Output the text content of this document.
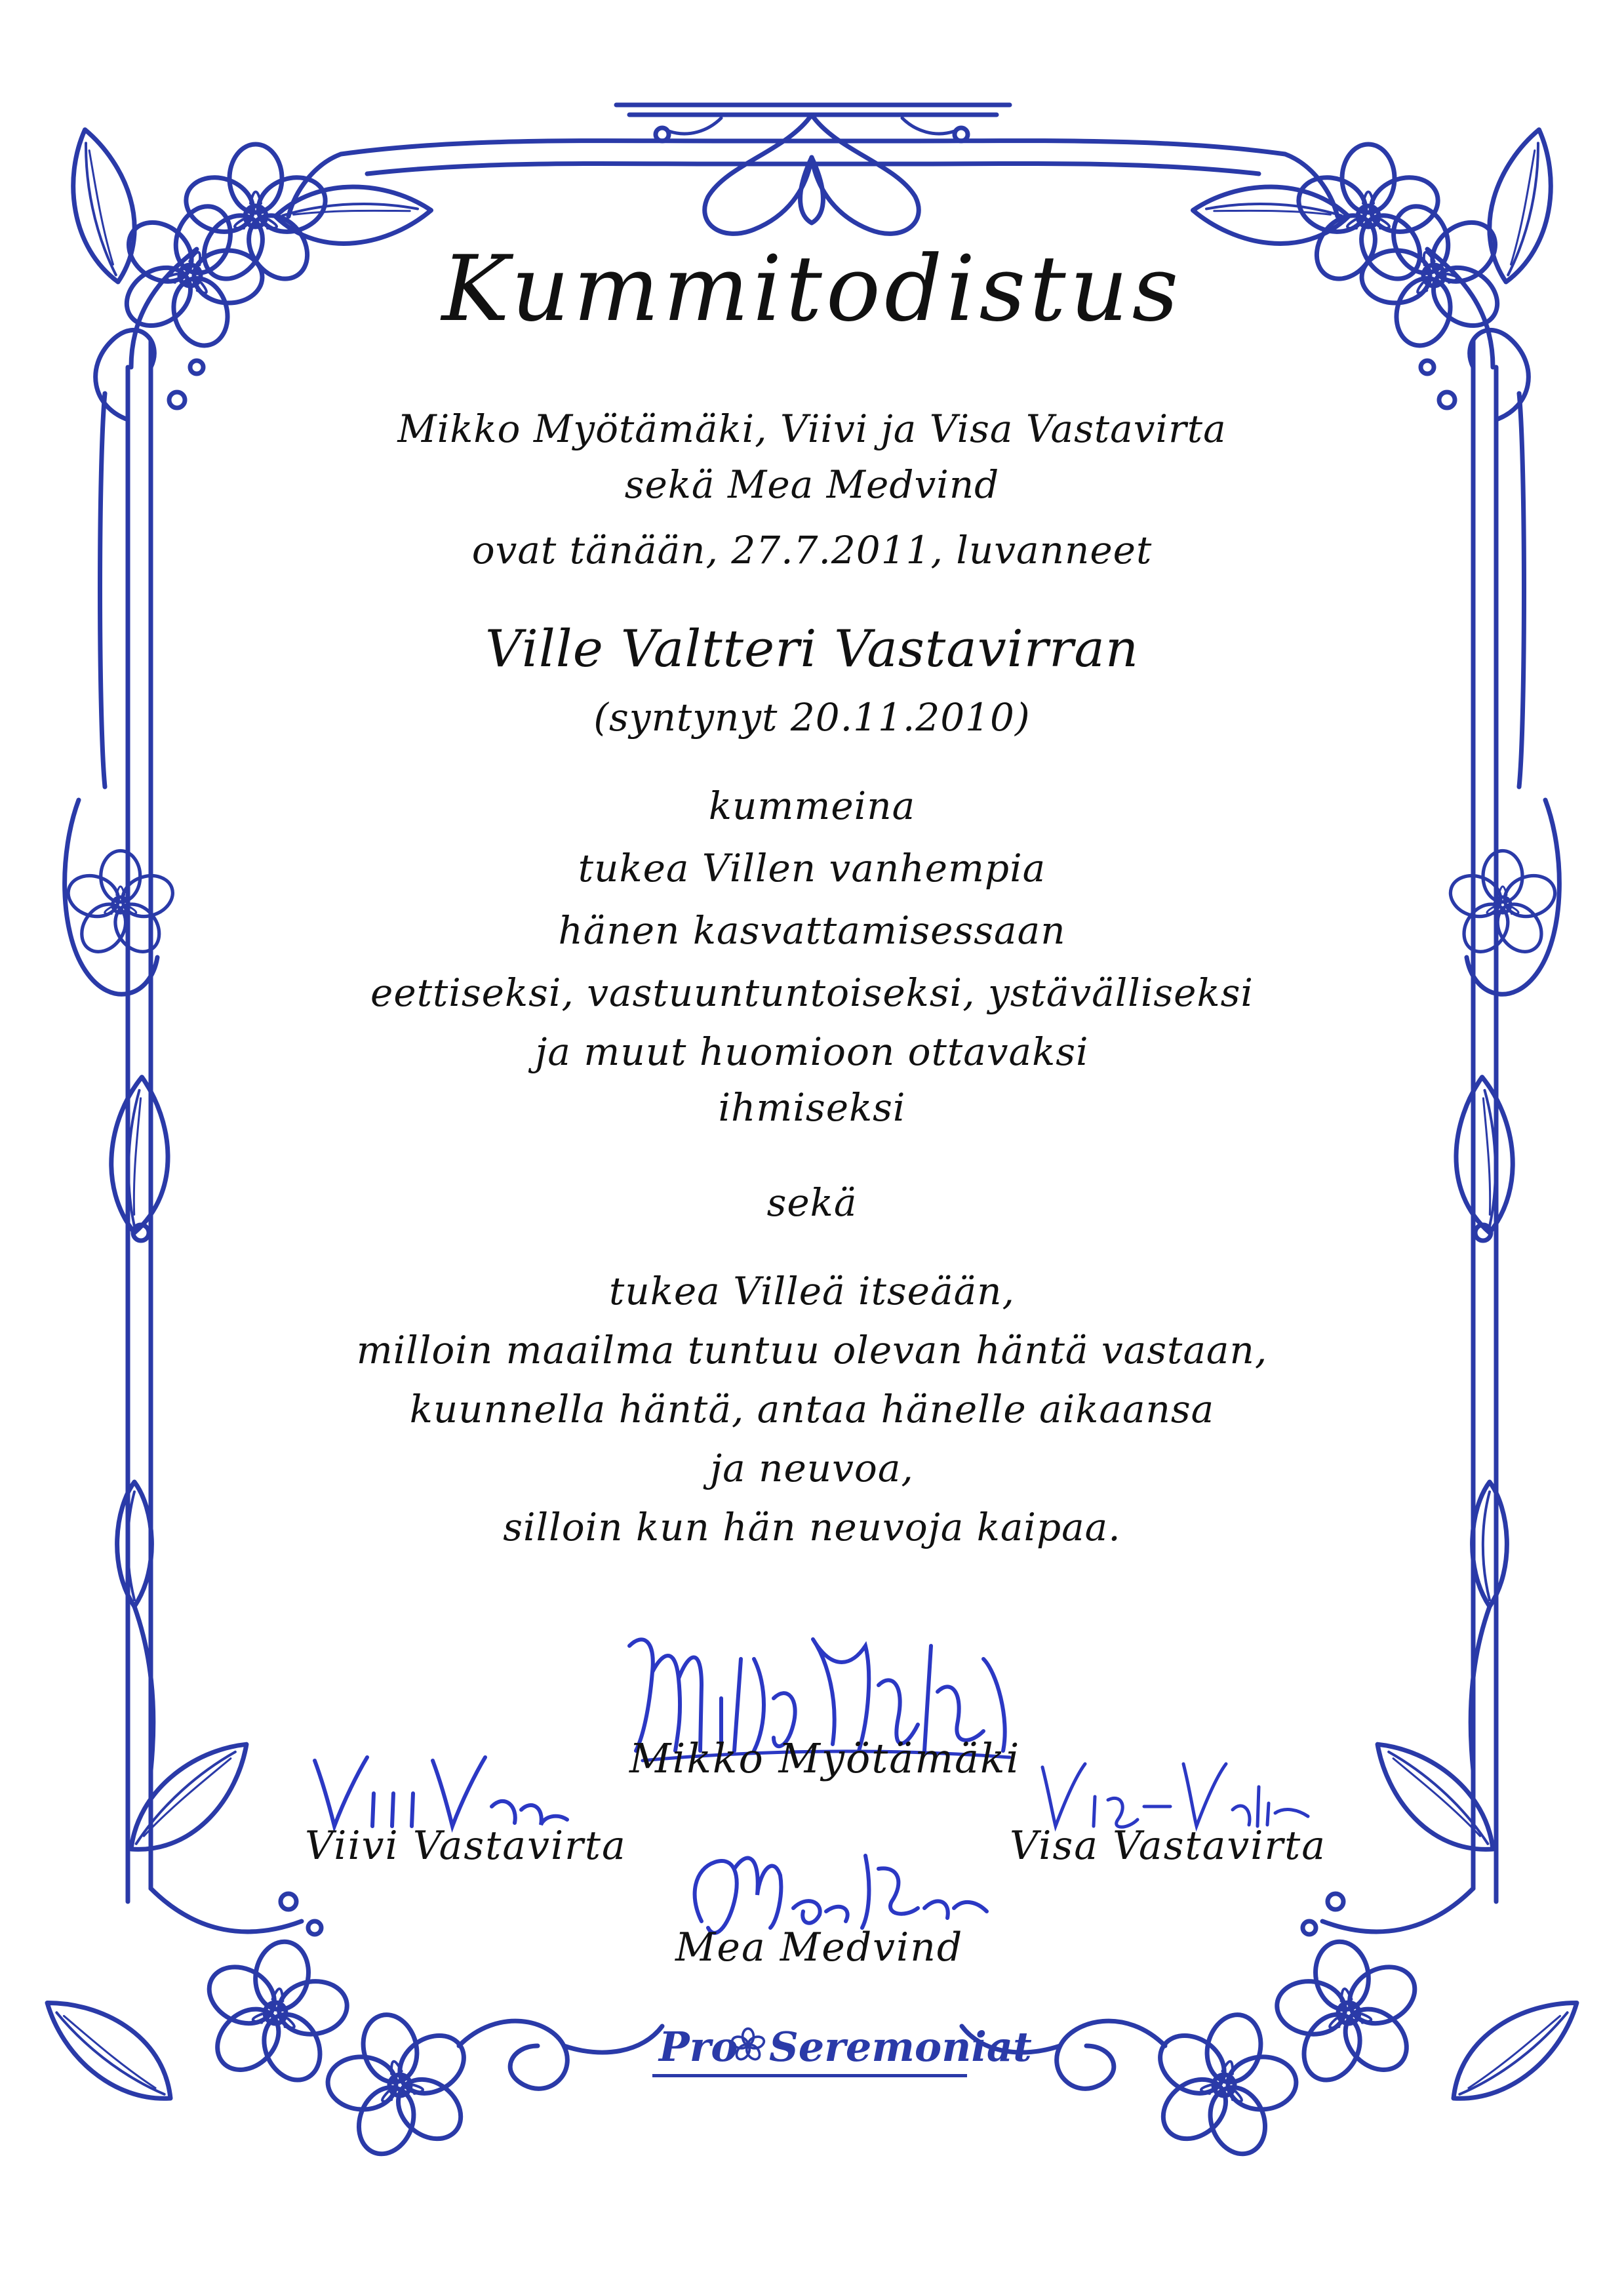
Kummitodistus
Mikko Myötämäki, Viivi ja Visa Vastavirta
sekä Mea Medvind
ovat tänään, 27.7.2011, luvanneet
Ville Valtteri Vastavirran
(syntynyt 20.11.2010)
kummeina
tukea Villen vanhempia
hänen kasvattamisessaan
eettiseksi, vastuuntuntoiseksi, ystävälliseksi
ja muut huomioon ottavaksi
ihmiseksi
sekä
tukea Villeä itseään,
milloin maailma tuntuu olevan häntä vastaan,
kuunnella häntä, antaa hänelle aikaansa
ja neuvoa,
silloin kun hän neuvoja kaipaa.
Mikko Myötämäki
Viivi Vastavirta	Visa Vastavirta
Mea Medvind
Pro Seremoniat
